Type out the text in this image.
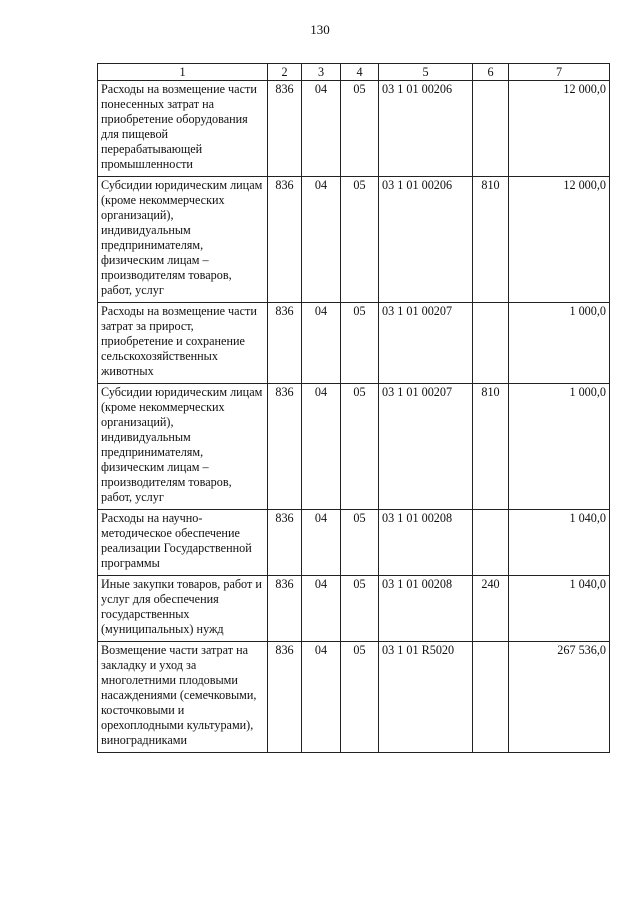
130
1	2	3	4	5	6	7
Расходы на возмещение части понесенных затрат на приобретение оборудования для пищевой перерабатывающей промышленности	836	04	05	03 1 01 00206		12 000,0
Субсидии юридическим лицам (кроме некоммерческих организаций), индивидуальным предпринимателям, физическим лицам – производителям товаров, работ, услуг	836	04	05	03 1 01 00206	810	12 000,0
Расходы на возмещение части затрат за прирост, приобретение и сохранение сельскохозяйственных животных	836	04	05	03 1 01 00207		1 000,0
Субсидии юридическим лицам (кроме некоммерческих организаций), индивидуальным предпринимателям, физическим лицам – производителям товаров, работ, услуг	836	04	05	03 1 01 00207	810	1 000,0
Расходы на научно-методическое обеспечение реализации Государственной программы	836	04	05	03 1 01 00208		1 040,0
Иные закупки товаров, работ и услуг для обеспечения государственных (муниципальных) нужд	836	04	05	03 1 01 00208	240	1 040,0
Возмещение части затрат на закладку и уход за многолетними плодовыми насаждениями (семечковыми, косточковыми и орехоплодными культурами), виноградниками	836	04	05	03 1 01 R5020		267 536,0
